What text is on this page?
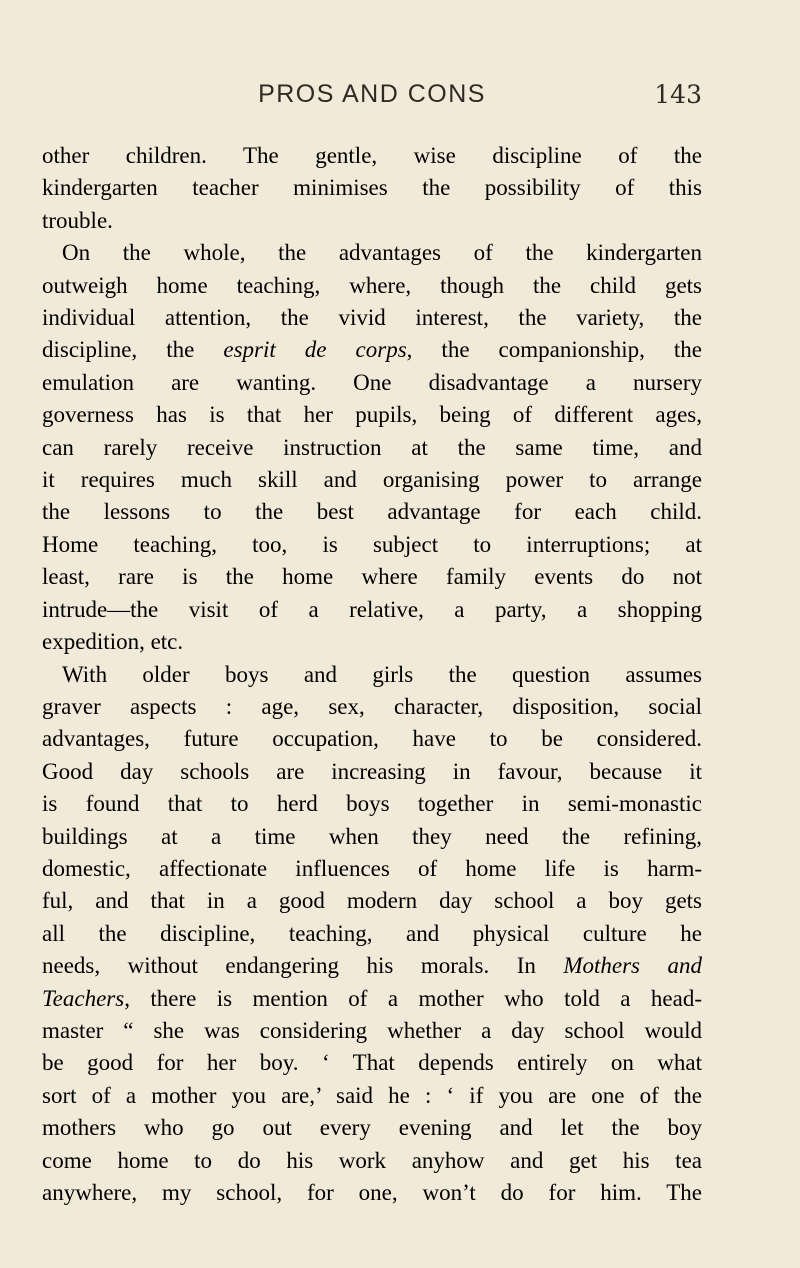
PROS AND CONS	143

other children. The gentle, wise discipline of the

kindergarten teacher minimises the possibility of this

trouble.

On the whole, the advantages of the kindergarten

outweigh home teaching, where, though the child gets

individual attention, the vivid interest, the variety, the

discipline, the esprit de corps, the companionship, the

emulation are wanting. One disadvantage a nursery

governess has is that her pupils, being of different ages,

can rarely receive instruction at the same time, and

it requires much skill and organising power to arrange

the lessons to the best advantage for each child.

Home teaching, too, is subject to interruptions; at

least, rare is the home where family events do not

intrude—the visit of a relative, a party, a shopping

expedition, etc.

With older boys and girls the question assumes

graver aspects : age, sex, character, disposition, social

advantages, future occupation, have to be considered.

Good day schools are increasing in favour, because it

is found that to herd boys together in semi-monastic

buildings at a time when they need the refining,

domestic, affectionate influences of home life is harm-

ful, and that in a good modern day school a boy gets

all the discipline, teaching, and physical culture he

needs, without endangering his morals. In Mothers and

Teachers, there is mention of a mother who told a head-

master “ she was considering whether a day school would

be good for her boy. ‘ That depends entirely on what

sort of a mother you are,’ said he : ‘ if you are one of the

mothers who go out every evening and let the boy

come home to do his work anyhow and get his tea

anywhere, my school, for one, won’t do for him. The
